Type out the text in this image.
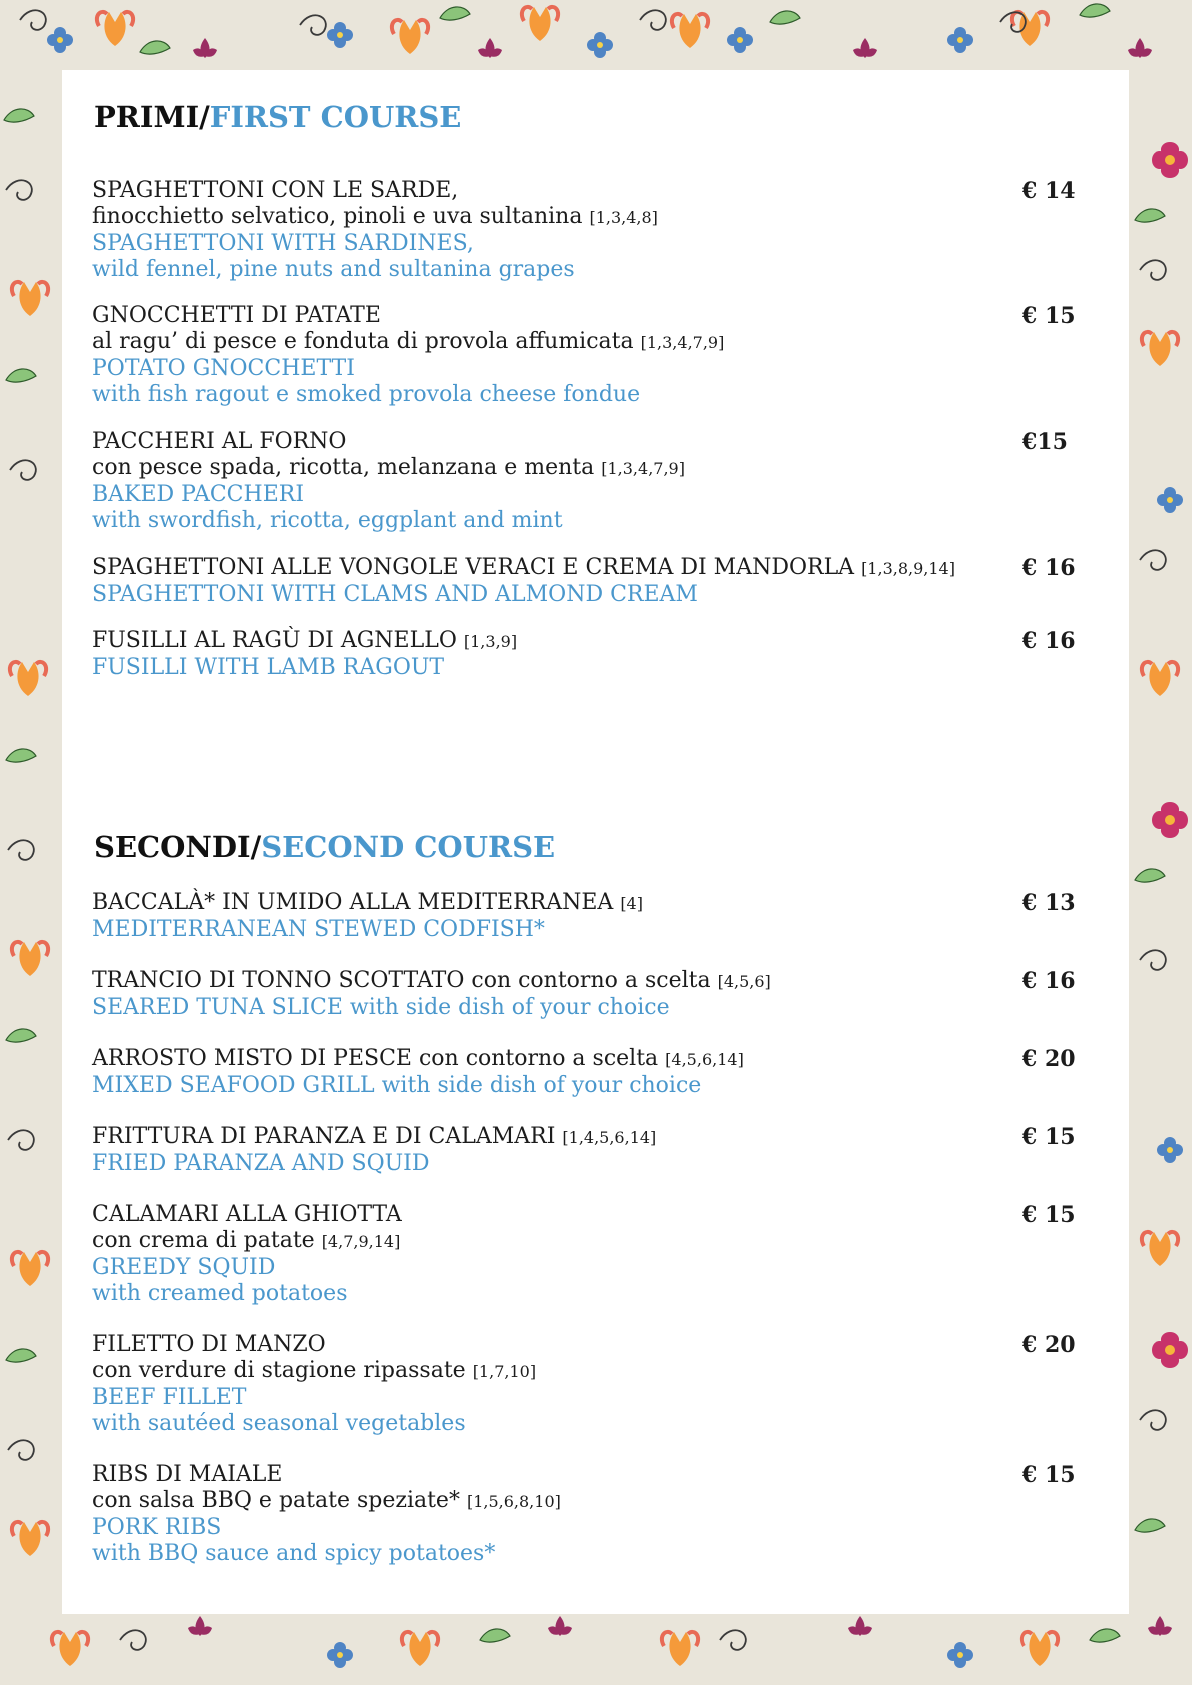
PRIMI/FIRST COURSE
SPAGHETTONI CON LE SARDE,
finocchietto selvatico, pinoli e uva sultanina [1,3,4,8]
SPAGHETTONI WITH SARDINES,
wild fennel, pine nuts and sultanina grapes
€ 14
GNOCCHETTI DI PATATE
al ragu’ di pesce e fonduta di provola affumicata [1,3,4,7,9]
POTATO GNOCCHETTI
with fish ragout e smoked provola cheese fondue
€ 15
PACCHERI AL FORNO
con pesce spada, ricotta, melanzana e menta [1,3,4,7,9]
BAKED PACCHERI
with swordfish, ricotta, eggplant and mint
€15
SPAGHETTONI ALLE VONGOLE VERACI E CREMA DI MANDORLA [1,3,8,9,14]
SPAGHETTONI WITH CLAMS AND ALMOND CREAM
€ 16
FUSILLI AL RAGÙ DI AGNELLO [1,3,9]
FUSILLI WITH LAMB RAGOUT
€ 16
SECONDI/SECOND COURSE
BACCALÀ* IN UMIDO ALLA MEDITERRANEA [4]
MEDITERRANEAN STEWED CODFISH*
€ 13
TRANCIO DI TONNO SCOTTATO con contorno a scelta [4,5,6]
SEARED TUNA SLICE with side dish of your choice
€ 16
ARROSTO MISTO DI PESCE con contorno a scelta [4,5,6,14]
MIXED SEAFOOD GRILL with side dish of your choice
€ 20
FRITTURA DI PARANZA E DI CALAMARI [1,4,5,6,14]
FRIED PARANZA AND SQUID
€ 15
CALAMARI ALLA GHIOTTA
con crema di patate [4,7,9,14]
GREEDY SQUID
with creamed potatoes
€ 15
FILETTO DI MANZO
con verdure di stagione ripassate [1,7,10]
BEEF FILLET
with sautéed seasonal vegetables
€ 20
RIBS DI MAIALE
con salsa BBQ e patate speziate* [1,5,6,8,10]
PORK RIBS
with BBQ sauce and spicy potatoes*
€ 15
